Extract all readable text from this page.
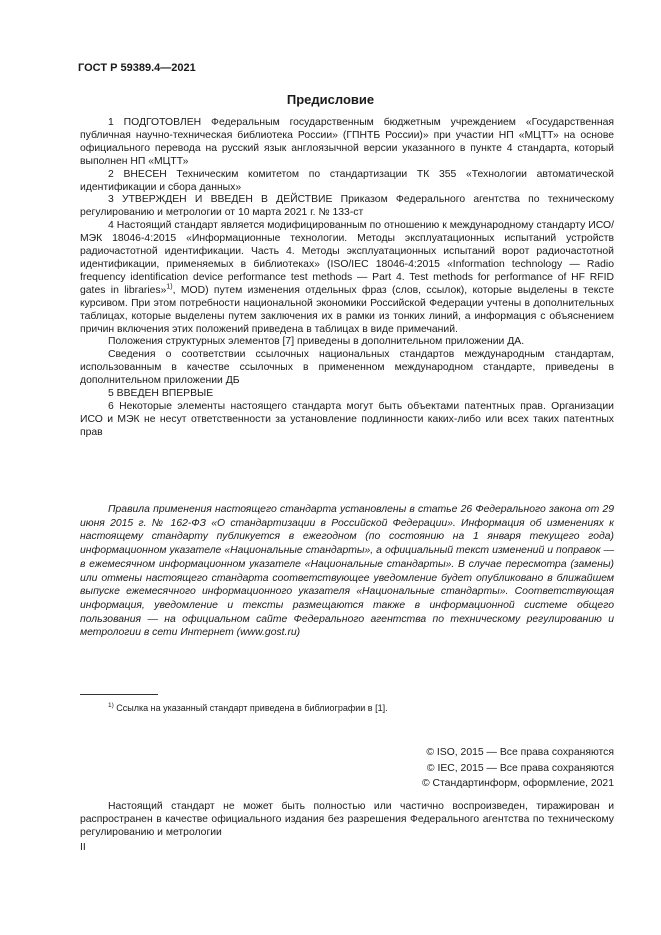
ГОСТ Р 59389.4—2021
Предисловие

1 ПОДГОТОВЛЕН Федеральным государственным бюджетным учреждением «Государственная публичная научно-техническая библиотека России» (ГПНТБ России)» при участии НП «МЦТТ» на основе официального перевода на русский язык англоязычной версии указанного в пункте 4 стандарта, который выполнен НП «МЦТТ»

2 ВНЕСЕН Техническим комитетом по стандартизации ТК 355 «Технологии автоматической идентификации и сбора данных»

3 УТВЕРЖДЕН И ВВЕДЕН В ДЕЙСТВИЕ Приказом Федерального агентства по техническому регулированию и метрологии от 10 марта 2021 г. № 133-ст

4 Настоящий стандарт является модифицированным по отношению к международному стандарту ИСО/МЭК 18046-4:2015 «Информационные технологии. Методы эксплуатационных испытаний устройств радиочастотной идентификации. Часть 4. Методы эксплуатационных испытаний ворот радиочастотной идентификации, применяемых в библиотеках» (ISO/IEC 18046-4:2015 «Information technology — Radio frequency identification device performance test methods — Part 4. Test methods for performance of HF RFID gates in libraries»$^{1)}$, MOD) путем изменения отдельных фраз (слов, ссылок), которые выделены в тексте курсивом. При этом потребности национальной экономики Российской Федерации учтены в дополнительных таблицах, которые выделены путем заключения их в рамки из тонких линий, а информация с объяснением причин включения этих положений приведена в таблицах в виде примечаний.

Положения структурных элементов [7] приведены в дополнительном приложении ДА.

Сведения о соответствии ссылочных национальных стандартов международным стандартам, использованным в качестве ссылочных в примененном международном стандарте, приведены в дополнительном приложении ДБ

5 ВВЕДЕН ВПЕРВЫЕ

6 Некоторые элементы настоящего стандарта могут быть объектами патентных прав. Организации ИСО и МЭК не несут ответственности за установление подлинности каких-либо или всех таких патентных прав

Правила применения настоящего стандарта установлены в статье 26 Федерального закона от 29 июня 2015 г. № 162-ФЗ «О стандартизации в Российской Федерации». Информация об изменениях к настоящему стандарту публикуется в ежегодном (по состоянию на 1 января текущего года) информационном указателе «Национальные стандарты», а официальный текст изменений и поправок — в ежемесячном информационном указателе «Национальные стандарты». В случае пересмотра (замены) или отмены настоящего стандарта соответствующее уведомление будет опубликовано в ближайшем выпуске ежемесячного информационного указателя «Национальные стандарты». Соответствующая информация, уведомление и тексты размещаются также в информационной системе общего пользования — на официальном сайте Федерального агентства по техническому регулированию и метрологии в сети Интернет (www.gost.ru)
$^{1)}$ Ссылка на указанный стандарт приведена в библиографии в [1].
© ISO, 2015 — Все права сохраняются
© IEC, 2015 — Все права сохраняются
© Стандартинформ, оформление, 2021
Настоящий стандарт не может быть полностью или частично воспроизведен, тиражирован и распространен в качестве официального издания без разрешения Федерального агентства по техническому регулированию и метрологии
II
